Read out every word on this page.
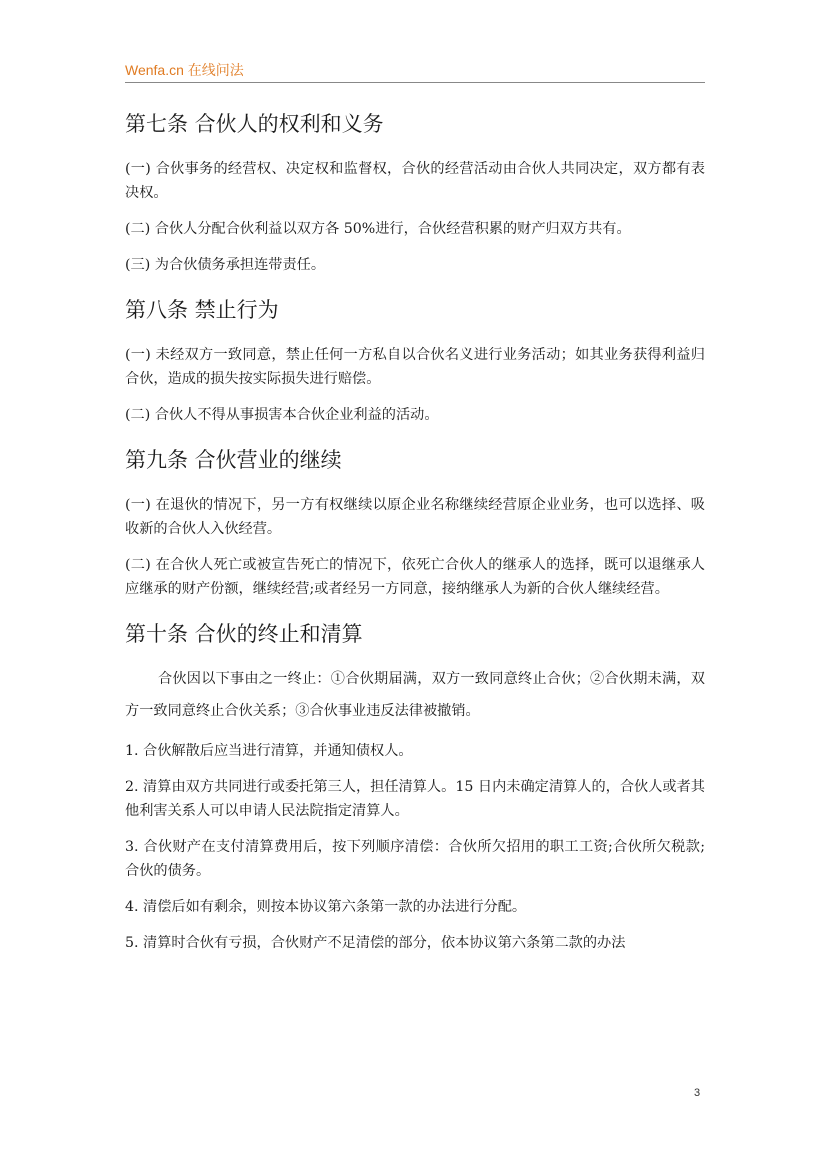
Wenfa.cn 在线问法
第七条 合伙人的权利和义务

(一) 合伙事务的经营权、决定权和监督权，合伙的经营活动由合伙人共同决定，双方都有表决权。

(二) 合伙人分配合伙利益以双方各 50%进行，合伙经营积累的财产归双方共有。

(三) 为合伙债务承担连带责任。

第八条 禁止行为

(一) 未经双方一致同意，禁止任何一方私自以合伙名义进行业务活动；如其业务获得利益归合伙，造成的损失按实际损失进行赔偿。

(二) 合伙人不得从事损害本合伙企业利益的活动。

第九条 合伙营业的继续

(一) 在退伙的情况下，另一方有权继续以原企业名称继续经营原企业业务，也可以选择、吸收新的合伙人入伙经营。

(二) 在合伙人死亡或被宣告死亡的情况下，依死亡合伙人的继承人的选择，既可以退继承人应继承的财产份额，继续经营;或者经另一方同意，接纳继承人为新的合伙人继续经营。

第十条 合伙的终止和清算

合伙因以下事由之一终止：①合伙期届满，双方一致同意终止合伙；②合伙期未满，双方一致同意终止合伙关系；③合伙事业违反法律被撤销。

1. 合伙解散后应当进行清算，并通知债权人。

2. 清算由双方共同进行或委托第三人，担任清算人。15 日内未确定清算人的，合伙人或者其他利害关系人可以申请人民法院指定清算人。

3. 合伙财产在支付清算费用后，按下列顺序清偿：合伙所欠招用的职工工资;合伙所欠税款;合伙的债务。

4. 清偿后如有剩余，则按本协议第六条第一款的办法进行分配。

5. 清算时合伙有亏损，合伙财产不足清偿的部分，依本协议第六条第二款的办法

3
